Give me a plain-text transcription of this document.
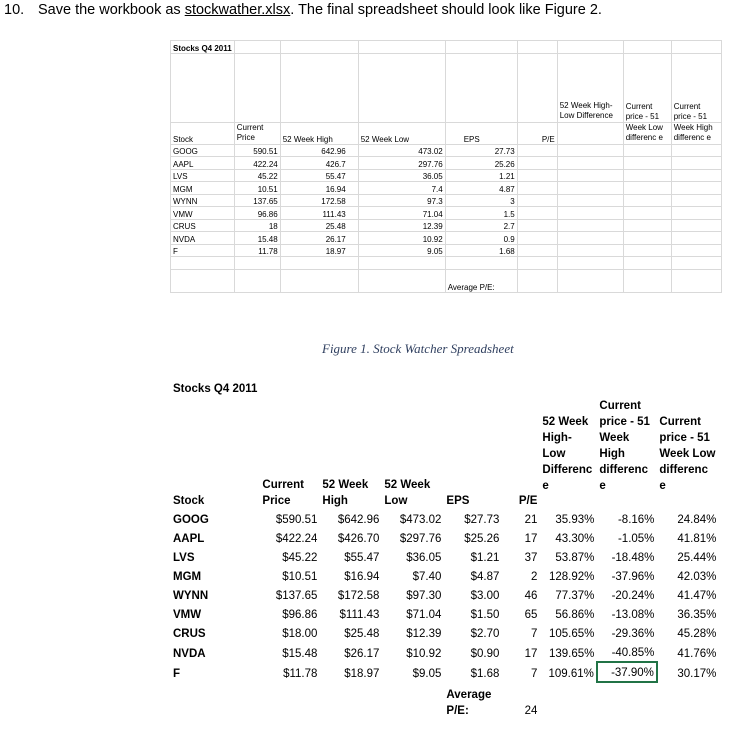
10. Save the workbook as stockwather.xlsx. The final spreadsheet should look like Figure 2.
Stocks Q4 2011								
						52 Week High-Low Difference	Current price - 51 Week Low differenc e	Current price - 51 Week High differenc e

Stock	Current Price	52 Week High	52 Week Low	EPS	P/E			
GOOG	590.51	642.96	473.02	27.73				
AAPL	422.24	426.7	297.76	25.26				
LVS	45.22	55.47	36.05	1.21				
MGM	10.51	16.94	7.4	4.87				
WYNN	137.65	172.58	97.3	3				
VMW	96.86	111.43	71.04	1.5				
CRUS	18	25.48	12.39	2.7				
NVDA	15.48	26.17	10.92	0.9				
F	11.78	18.97	9.05	1.68				

				Average P/E:				
Figure 1. Stock Watcher Spreadsheet
Stocks Q4 2011								

						52 Week High-Low Differenc e	Current price - 51 Week High differenc e	Current price - 51 Week Low differenc e

Stock	Current Price	52 Week High	52 Week Low	EPS	P/E			
GOOG	$590.51	$642.96	$473.02	$27.73	21	35.93%	-8.16%	24.84%
AAPL	$422.24	$426.70	$297.76	$25.26	17	43.30%	-1.05%	41.81%
LVS	$45.22	$55.47	$36.05	$1.21	37	53.87%	-18.48%	25.44%
MGM	$10.51	$16.94	$7.40	$4.87	2	128.92%	-37.96%	42.03%
WYNN	$137.65	$172.58	$97.30	$3.00	46	77.37%	-20.24%	41.47%
VMW	$96.86	$111.43	$71.04	$1.50	65	56.86%	-13.08%	36.35%
CRUS	$18.00	$25.48	$12.39	$2.70	7	105.65%	-29.36%	45.28%
NVDA	$15.48	$26.17	$10.92	$0.90	17	139.65%	-40.85%	41.76%
F	$11.78	$18.97	$9.05	$1.68	7	109.61%	-37.90%	30.17%
				Average P/E:	24			
